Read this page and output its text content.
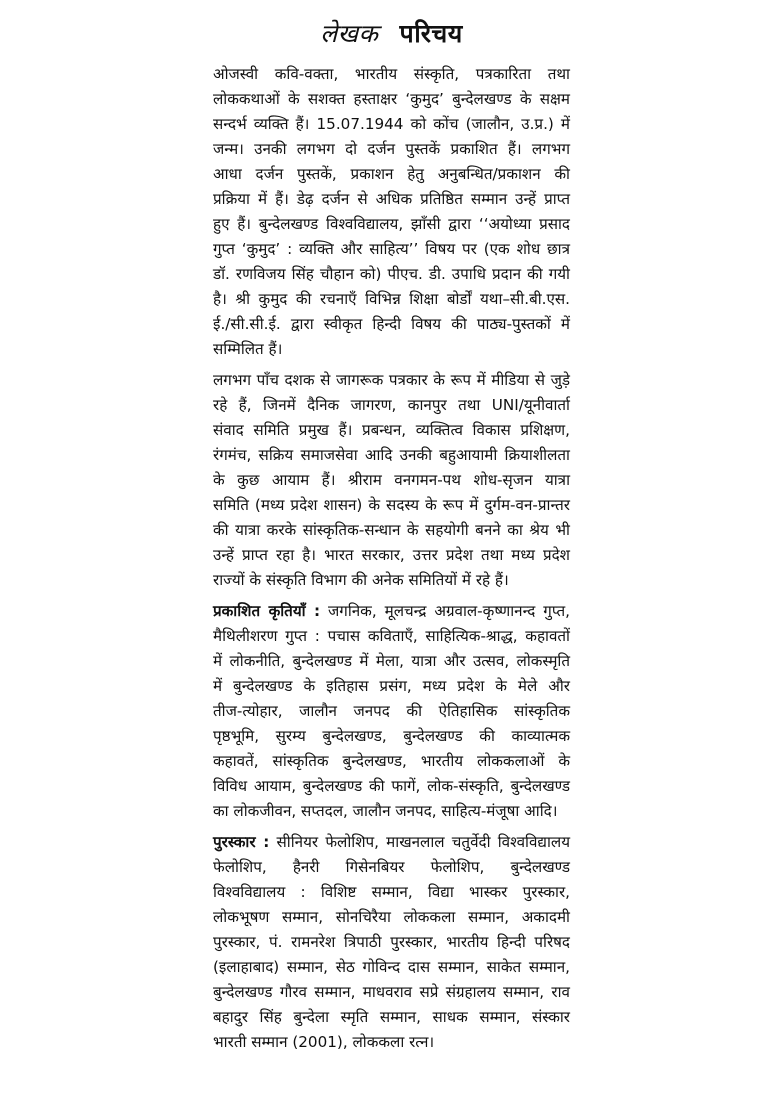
लेखक परिचय
ओजस्वी कवि-वक्ता, भारतीय संस्कृति, पत्रकारिता तथा
लोककथाओं के सशक्त हस्ताक्षर ‘कुमुद’ बुन्देलखण्ड के सक्षम
सन्दर्भ व्यक्ति हैं। 15.07.1944 को कोंच (जालौन, उ.प्र.) में
जन्म। उनकी लगभग दो दर्जन पुस्तकें प्रकाशित हैं। लगभग
आधा दर्जन पुस्तकें, प्रकाशन हेतु अनुबन्धित/प्रकाशन की
प्रक्रिया में हैं। डेढ़ दर्जन से अधिक प्रतिष्ठित सम्मान उन्हें प्राप्त
हुए हैं। बुन्देलखण्ड विश्वविद्यालय, झाँसी द्वारा ‘‘अयोध्या प्रसाद
गुप्त ‘कुमुद’ : व्यक्ति और साहित्य’’ विषय पर (एक शोध छात्र
डॉ. रणविजय सिंह चौहान को) पीएच. डी. उपाधि प्रदान की गयी
है। श्री कुमुद की रचनाएँ विभिन्न शिक्षा बोर्डों यथा–सी.बी.एस.
ई./सी.सी.ई. द्वारा स्वीकृत हिन्दी विषय की पाठ्य-पुस्तकों में
सम्मिलित हैं।
लगभग पाँच दशक से जागरूक पत्रकार के रूप में मीडिया से जुड़े
रहे हैं, जिनमें दैनिक जागरण, कानपुर तथा UNI/यूनीवार्ता
संवाद समिति प्रमुख हैं। प्रबन्धन, व्यक्तित्व विकास प्रशिक्षण,
रंगमंच, सक्रिय समाजसेवा आदि उनकी बहुआयामी क्रियाशीलता
के कुछ आयाम हैं। श्रीराम वनगमन-पथ शोध-सृजन यात्रा
समिति (मध्य प्रदेश शासन) के सदस्य के रूप में दुर्गम-वन-प्रान्तर
की यात्रा करके सांस्कृतिक-सन्धान के सहयोगी बनने का श्रेय भी
उन्हें प्राप्त रहा है। भारत सरकार, उत्तर प्रदेश तथा मध्य प्रदेश
राज्यों के संस्कृति विभाग की अनेक समितियों में रहे हैं।
प्रकाशित कृतियाँ : जगनिक, मूलचन्द्र अग्रवाल-कृष्णानन्द गुप्त,
मैथिलीशरण गुप्त : पचास कविताएँ, साहित्यिक-श्राद्ध, कहावतों
में लोकनीति, बुन्देलखण्ड में मेला, यात्रा और उत्सव, लोकस्मृति
में बुन्देलखण्ड के इतिहास प्रसंग, मध्य प्रदेश के मेले और
तीज-त्योहार, जालौन जनपद की ऐतिहासिक सांस्कृतिक
पृष्ठभूमि, सुरम्य बुन्देलखण्ड, बुन्देलखण्ड की काव्यात्मक
कहावतें, सांस्कृतिक बुन्देलखण्ड, भारतीय लोककलाओं के
विविध आयाम, बुन्देलखण्ड की फागें, लोक-संस्कृति, बुन्देलखण्ड
का लोकजीवन, सप्तदल, जालौन जनपद, साहित्य-मंजूषा आदि।
पुरस्कार : सीनियर फेलोशिप, माखनलाल चतुर्वेदी विश्वविद्यालय
फेलोशिप, हैनरी गिसेनबियर फेलोशिप, बुन्देलखण्ड
विश्वविद्यालय : विशिष्ट सम्मान, विद्या भास्कर पुरस्कार,
लोकभूषण सम्मान, सोनचिरैया लोककला सम्मान, अकादमी
पुरस्कार, पं. रामनरेश त्रिपाठी पुरस्कार, भारतीय हिन्दी परिषद
(इलाहाबाद) सम्मान, सेठ गोविन्द दास सम्मान, साकेत सम्मान,
बुन्देलखण्ड गौरव सम्मान, माधवराव सप्रे संग्रहालय सम्मान, राव
बहादुर सिंह बुन्देला स्मृति सम्मान, साधक सम्मान, संस्कार
भारती सम्मान (2001), लोककला रत्न।
